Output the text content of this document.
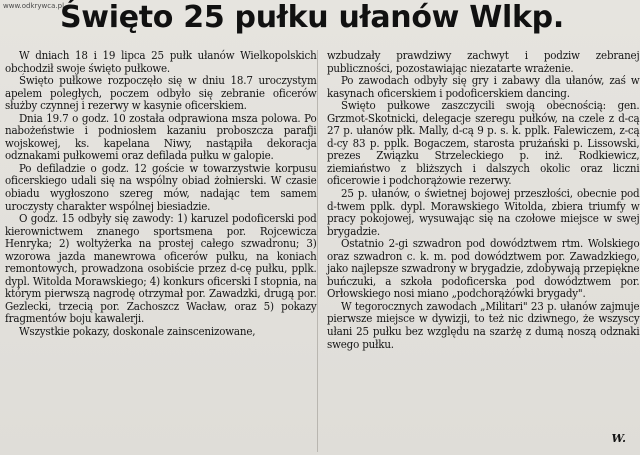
www.odkrywca.pl
Święto 25 pułku ułanów Wlkp.

W dniach 18 i 19 lipca 25 pułk ułanów Wielkopolskich obchodził swoje święto pułkowe.

Święto pułkowe rozpoczęło się w dniu 18.7 uroczystym apelem poległych, poczem odbyło się zebranie oficerów służby czynnej i rezerwy w kasynie oficerskiem.

Dnia 19.7 o godz. 10 została odprawiona msza polowa. Po nabożeństwie i podniosłem kazaniu proboszcza parafji wojskowej, ks. kapelana Niwy, nastąpiła dekoracja odznakami pułkowemi oraz defilada pułku w galopie.

Po defiladzie o godz. 12 goście w towarzystwie korpusu oficerskiego udali się na wspólny obiad żołnierski. W czasie obiadu wygłoszono szereg mów, nadając tem samem uroczysty charakter wspólnej biesiadzie.

O godz. 15 odbyły się zawody: 1) karuzel podoficerski pod kierownictwem znanego sportsmena por. Rojcewicza Henryka; 2) woltyżerka na prostej całego szwadronu; 3) wzorowa jazda manewrowa oficerów pułku, na koniach remontowych, prowadzona osobiście przez d-cę pułku, pplk. dypl. Witolda Morawskiego; 4) konkurs oficerski I stopnia, na którym pierwszą nagrodę otrzymał por. Zawadzki, drugą por. Gezlecki, trzecią por. Zachoszcz Wacław, oraz 5) pokazy fragmentów boju kawalerji.

Wszystkie pokazy, doskonale zainscenizowane,

wzbudzały prawdziwy zachwyt i podziw zebranej publiczności, pozostawiając niezatarte wrażenie.

Po zawodach odbyły się gry i zabawy dla ułanów, zaś w kasynach oficerskiem i podoficerskiem dancing.

Święto pułkowe zaszczycili swoją obecnością: gen. Grzmot-Skotnicki, delegacje szeregu pułków, na czele z d-cą 27 p. ułanów płk. Mally, d-cą 9 p. s. k. pplk. Falewiczem, z-cą d-cy 83 p. pplk. Bogaczem, starosta prużański p. Lissowski, prezes Związku Strzeleckiego p. inż. Rodkiewicz, ziemiaństwo z bliższych i dalszych okolic oraz liczni oficerowie i podchorążowie rezerwy.

25 p. ułanów, o świetnej bojowej przeszłości, obecnie pod d-twem pplk. dypl. Morawskiego Witolda, zbiera triumfy w pracy pokojowej, wysuwając się na czołowe miejsce w swej brygadzie.

Ostatnio 2-gi szwadron pod dowództwem rtm. Wolskiego oraz szwadron c. k. m. pod dowództwem por. Zawadzkiego, jako najlepsze szwadrony w brygadzie, zdobywają przepiękne buńczuki, a szkoła podoficerska pod dowództwem por. Orłowskiego nosi miano „podchorążówki brygady".

W tegorocznych zawodach „Militari" 23 p. ułanów zajmuje pierwsze miejsce w dywizji, to też nic dziwnego, że wszyscy ułani 25 pułku bez względu na szarżę z dumą noszą odznaki swego pułku.

W.
